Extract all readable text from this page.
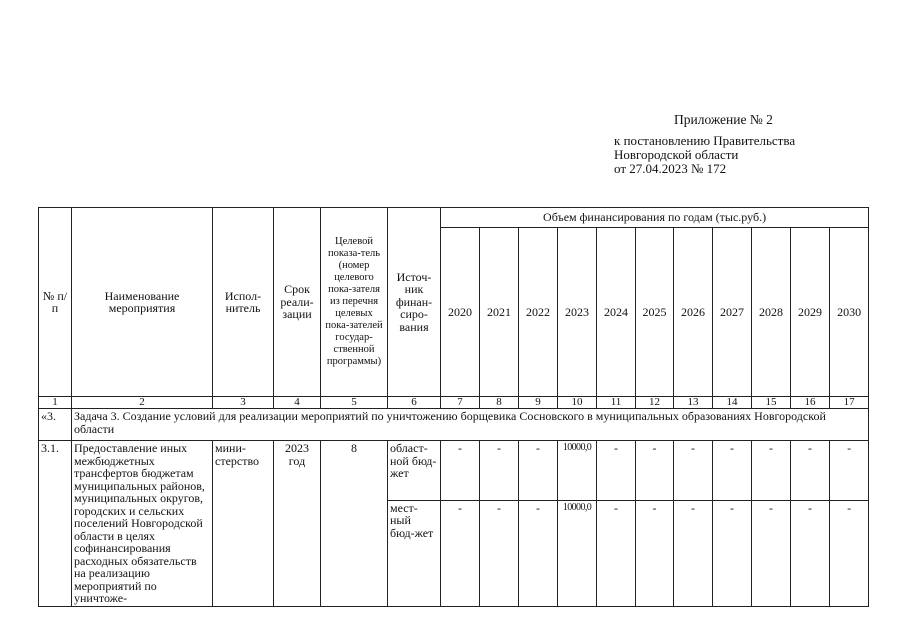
Приложение № 2
к постановлению Правительства
Новгородской области
от 27.04.2023 № 172
№ п/п	Наименование мероприятия	Испол-нитель	Срок реали-зации	Целевой показа-тель (номер целевого пока-зателя из перечня целевых пока-зателей государ-ственной программы)	Источ-ник финан-сиро-вания	Объем финансирования по годам (тыс.руб.)										
						2020	2021	2022	2023	2024	2025	2026	2027	2028	2029	2030
1	2	3	4	5	6	7	8	9	10	11	12	13	14	15	16	17
«3.	Задача 3. Создание условий для реализации мероприятий по уничтожению борщевика Сосновского в муниципальных образованиях Новгородской области															
3.1.	Предоставление иных межбюджетных трансфертов бюджетам муниципальных районов, муниципальных округов, городских и сельских поселений Новгородской области в целях софинансирования расходных обязательств на реализацию мероприятий по уничтоже-	мини-стерство	2023 год	8	област-ной бюд-жет	-	-	-	10000,0	-	-	-	-	-	-	-
					мест-ный бюд-жет	-	-	-	10000,0	-	-	-	-	-	-	-
